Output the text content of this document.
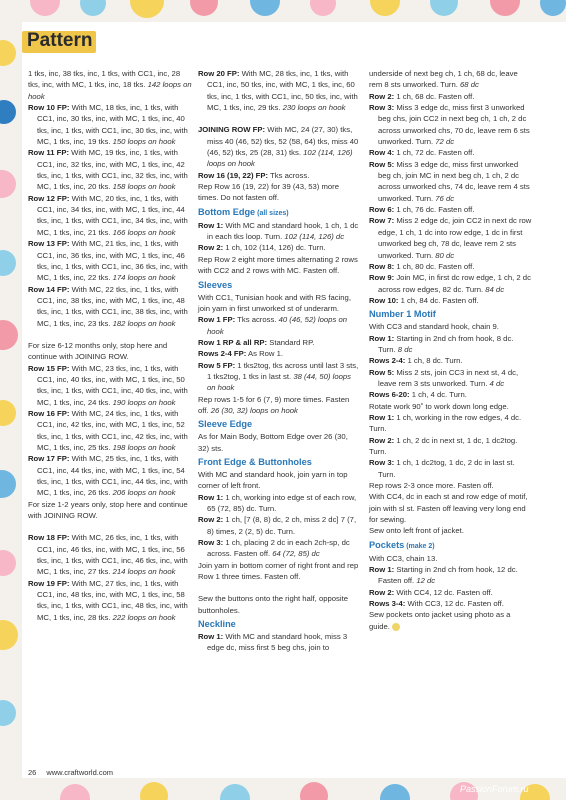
Pattern

1 tks, inc, 38 tks, inc, 1 tks, with CC1, inc, 28 tks, inc, with MC, 1 tks, inc, 18 tks. 142 loops on hook

Row 10 FP: With MC, 18 tks, inc, 1 tks, with CC1, inc, 30 tks, inc, with MC, 1 tks, inc, 40 tks, inc, 1 tks, with CC1, inc, 30 tks, inc, with MC, 1 tks, inc, 19 tks. 150 loops on hook

Row 11 FP: With MC, 19 tks, inc, 1 tks, with CC1, inc, 32 tks, inc, with MC, 1 tks, inc, 42 tks, inc, 1 tks, with CC1, inc, 32 tks, inc, with MC, 1 tks, inc, 20 tks. 158 loops on hook

Row 12 FP: With MC, 20 tks, inc, 1 tks, with CC1, inc, 34 tks, inc, with MC, 1 tks, inc, 44 tks, inc, 1 tks, with CC1, inc, 34 tks, inc, with MC, 1 tks, inc, 21 tks. 166 loops on hook

Row 13 FP: With MC, 21 tks, inc, 1 tks, with CC1, inc, 36 tks, inc, with MC, 1 tks, inc, 46 tks, inc, 1 tks, with CC1, inc, 36 tks, inc, with MC, 1 tks, inc, 22 tks. 174 loops on hook

Row 14 FP: With MC, 22 tks, inc, 1 tks, with CC1, inc, 38 tks, inc, with MC, 1 tks, inc, 48 tks, inc, 1 tks, with CC1, inc, 38 tks, inc, with MC, 1 tks, inc, 23 tks. 182 loops on hook

For size 6-12 months only, stop here and continue with JOINING ROW.

Row 15 FP: With MC, 23 tks, inc, 1 tks, with CC1, inc, 40 tks, inc, with MC, 1 tks, inc, 50 tks, inc, 1 tks, with CC1, inc, 40 tks, inc, with MC, 1 tks, inc, 24 tks. 190 loops on hook

Row 16 FP: With MC, 24 tks, inc, 1 tks, with CC1, inc, 42 tks, inc, with MC, 1 tks, inc, 52 tks, inc, 1 tks, with CC1, inc, 42 tks, inc, with MC, 1 tks, inc, 25 tks. 198 loops on hook

Row 17 FP: With MC, 25 tks, inc, 1 tks, with CC1, inc, 44 tks, inc, with MC, 1 tks, inc, 54 tks, inc, 1 tks, with CC1, inc, 44 tks, inc, with MC, 1 tks, inc, 26 tks. 206 loops on hook

For size 1-2 years only, stop here and continue with JOINING ROW.

Row 18 FP: With MC, 26 tks, inc, 1 tks, with CC1, inc, 46 tks, inc, with MC, 1 tks, inc, 56 tks, inc, 1 tks, with CC1, inc, 46 tks, inc, with MC, 1 tks, inc, 27 tks. 214 loops on hook

Row 19 FP: With MC, 27 tks, inc, 1 tks, with CC1, inc, 48 tks, inc, with MC, 1 tks, inc, 58 tks, inc, 1 tks, with CC1, inc, 48 tks, inc, with MC, 1 tks, inc, 28 tks. 222 loops on hook

Row 20 FP: With MC, 28 tks, inc, 1 tks, with CC1, inc, 50 tks, inc, with MC, 1 tks, inc, 60 tks, inc, 1 tks, with CC1, inc, 50 tks, inc, with MC, 1 tks, inc, 29 tks. 230 loops on hook

JOINING ROW FP: With MC, 24 (27, 30) tks, miss 40 (46, 52) tks, 52 (58, 64) tks, miss 40 (46, 52) tks, 25 (28, 31) tks. 102 (114, 126) loops on hook

Row 16 (19, 22) FP: Tks across.

Rep Row 16 (19, 22) for 39 (43, 53) more times. Do not fasten off.

Bottom Edge (all sizes)

Row 1: With MC and standard hook, 1 ch, 1 dc in each tks loop. Turn. 102 (114, 126) dc

Row 2: 1 ch, 102 (114, 126) dc. Turn.

Rep Row 2 eight more times alternating 2 rows with CC2 and 2 rows with MC. Fasten off.

Sleeves

With CC1, Tunisian hook and with RS facing, join yarn in first unworked st of underarm.

Row 1 FP: Tks across. 40 (46, 52) loops on hook

Row 1 RP & all RP: Standard RP.

Rows 2-4 FP: As Row 1.

Row 5 FP: 1 tks2tog, tks across until last 3 sts, 1 tks2tog, 1 tks in last st. 38 (44, 50) loops on hook

Rep rows 1-5 for 6 (7, 9) more times. Fasten off. 26 (30, 32) loops on hook

Sleeve Edge

As for Main Body, Bottom Edge over 26 (30, 32) sts.

Front Edge & Buttonholes

With MC and standard hook, join yarn in top corner of left front.

Row 1: 1 ch, working into edge st of each row, 65 (72, 85) dc. Turn.

Row 2: 1 ch, [7 (8, 8) dc, 2 ch, miss 2 dc] 7 (7, 8) times, 2 (2, 5) dc. Turn.

Row 3: 1 ch, placing 2 dc in each 2ch-sp, dc across. Fasten off. 64 (72, 85) dc

Join yarn in bottom corner of right front and rep Row 1 three times. Fasten off.

Sew the buttons onto the right half, opposite buttonholes.

Neckline

Row 1: With MC and standard hook, miss 3 edge dc, miss first 5 beg chs, join to

underside of next beg ch, 1 ch, 68 dc, leave rem 8 sts unworked. Turn. 68 dc

Row 2: 1 ch, 68 dc. Fasten off.

Row 3: Miss 3 edge dc, miss first 3 unworked beg chs, join CC2 in next beg ch, 1 ch, 2 dc across unworked chs, 70 dc, leave rem 6 sts unworked. Turn. 72 dc

Row 4: 1 ch, 72 dc. Fasten off.

Row 5: Miss 3 edge dc, miss first unworked beg ch, join MC in next beg ch, 1 ch, 2 dc across unworked chs, 74 dc, leave rem 4 sts unworked. Turn. 76 dc

Row 6: 1 ch, 76 dc. Fasten off.

Row 7: Miss 2 edge dc, join CC2 in next dc row edge, 1 ch, 1 dc into row edge, 1 dc in first unworked beg ch, 78 dc, leave rem 2 sts unworked. Turn. 80 dc

Row 8: 1 ch, 80 dc. Fasten off.

Row 9: Join MC, in first dc row edge, 1 ch, 2 dc across row edges, 82 dc. Turn. 84 dc

Row 10: 1 ch, 84 dc. Fasten off.

Number 1 Motif

With CC3 and standard hook, chain 9.

Row 1: Starting in 2nd ch from hook, 8 dc. Turn. 8 dc

Rows 2-4: 1 ch, 8 dc. Turn.

Row 5: Miss 2 sts, join CC3 in next st, 4 dc, leave rem 3 sts unworked. Turn. 4 dc

Rows 6-20: 1 ch, 4 dc. Turn.

Rotate work 90˚ to work down long edge.

Row 1: 1 ch, working in the row edges, 4 dc.

Turn.

Row 2: 1 ch, 2 dc in next st, 1 dc, 1 dc2tog.

Turn.

Row 3: 1 ch, 1 dc2tog, 1 dc, 2 dc in last st. Turn.

Rep rows 2-3 once more. Fasten off.

With CC4, dc in each st and row edge of motif, join with sl st. Fasten off leaving very long end for sewing.

Sew onto left front of jacket.

Pockets (make 2)

With CC3, chain 13.

Row 1: Starting in 2nd ch from hook, 12 dc. Fasten off. 12 dc

Row 2: With CC4, 12 dc. Fasten off.

Rows 3-4: With CC3, 12 dc. Fasten off.

Sew pockets onto jacket using photo as a guide.

26 www.craftworld.com
PassionForum.ru
